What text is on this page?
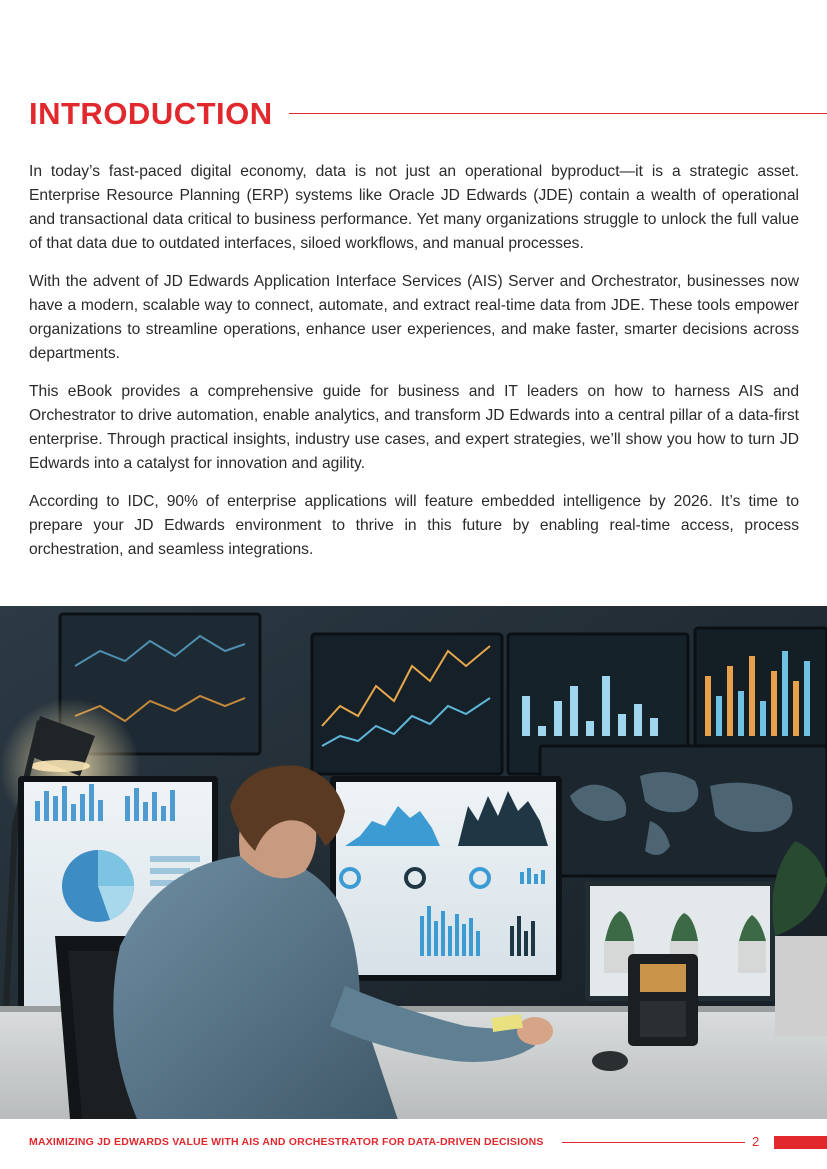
INTRODUCTION

In today’s fast-paced digital economy, data is not just an operational byproduct—it is a strategic asset. Enterprise Resource Planning (ERP) systems like Oracle JD Edwards (JDE) contain a wealth of operational and transactional data critical to business performance. Yet many organizations struggle to unlock the full value of that data due to outdated interfaces, siloed workflows, and manual processes.

With the advent of JD Edwards Application Interface Services (AIS) Server and Orchestrator, businesses now have a modern, scalable way to connect, automate, and extract real-time data from JDE. These tools empower organizations to streamline operations, enhance user experiences, and make faster, smarter decisions across departments.

This eBook provides a comprehensive guide for business and IT leaders on how to harness AIS and Orchestrator to drive automation, enable analytics, and transform JD Edwards into a central pillar of a data-first enterprise. Through practical insights, industry use cases, and expert strategies, we’ll show you how to turn JD Edwards into a catalyst for innovation and agility.

According to IDC, 90% of enterprise applications will feature embedded intelligence by 2026. It’s time to prepare your JD Edwards environment to thrive in this future by enabling real-time access, process orchestration, and seamless integrations.

MAXIMIZING JD EDWARDS VALUE WITH AIS AND ORCHESTRATOR FOR DATA-DRIVEN DECISIONS	2
